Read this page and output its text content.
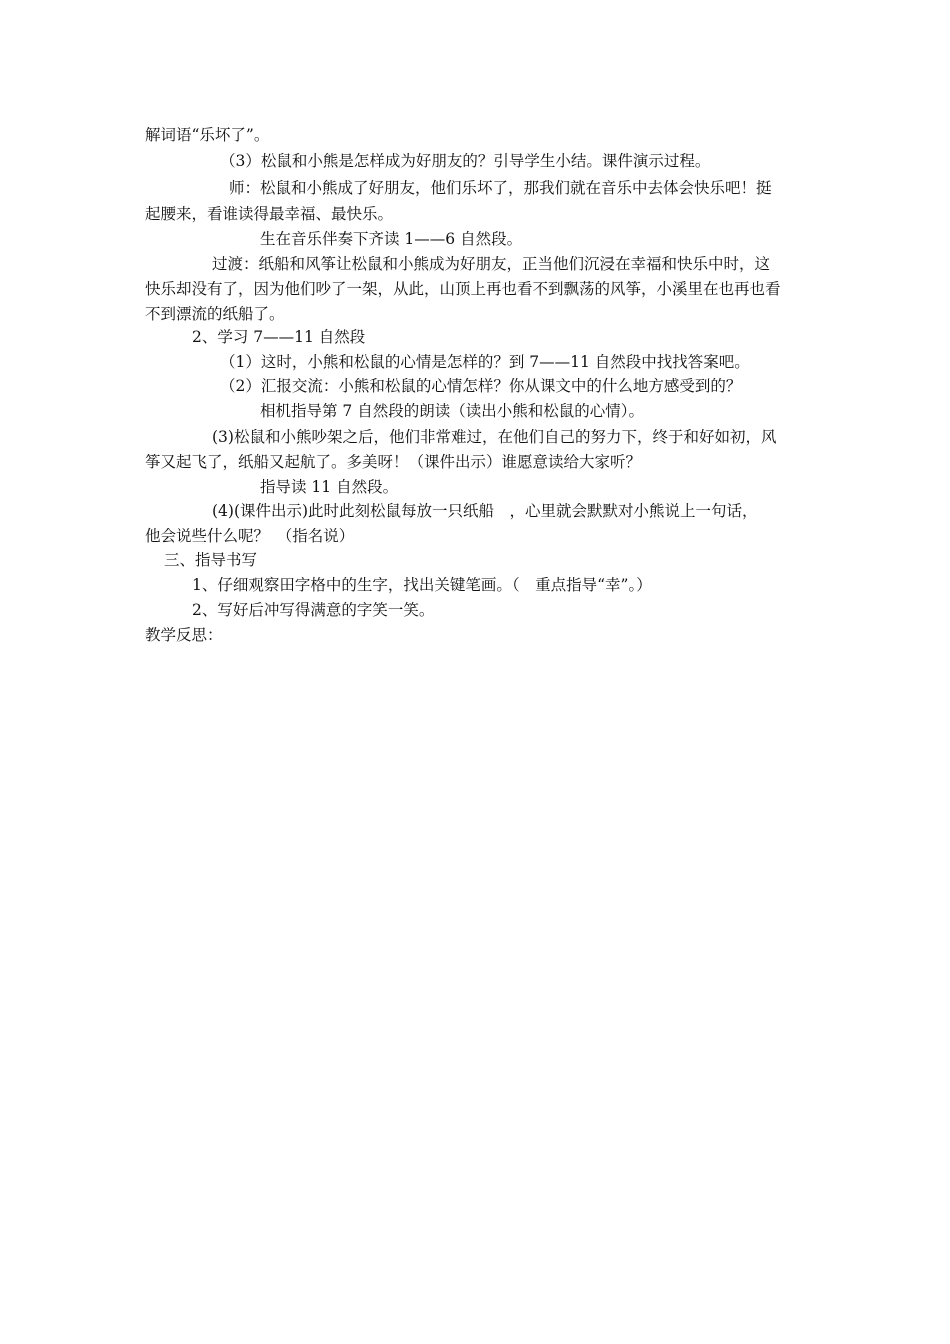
解词语“乐坏了”。
（3）松鼠和小熊是怎样成为好朋友的？引导学生小结。课件演示过程。
师：松鼠和小熊成了好朋友，他们乐坏了，那我们就在音乐中去体会快乐吧！挺
起腰来，看谁读得最幸福、最快乐。
生在音乐伴奏下齐读 1——6 自然段。
过渡：纸船和风筝让松鼠和小熊成为好朋友，正当他们沉浸在幸福和快乐中时，这
快乐却没有了，因为他们吵了一架，从此，山顶上再也看不到飘荡的风筝，小溪里在也再也看
不到漂流的纸船了。
2、学习 7——11 自然段
（1）这时，小熊和松鼠的心情是怎样的？到 7——11 自然段中找找答案吧。
（2）汇报交流：小熊和松鼠的心情怎样？你从课文中的什么地方感受到的？
相机指导第 7 自然段的朗读（读出小熊和松鼠的心情）。
(3)松鼠和小熊吵架之后，他们非常难过，在他们自己的努力下，终于和好如初，风
筝又起飞了，纸船又起航了。多美呀！（课件出示）谁愿意读给大家听？
指导读 11 自然段。
(4)(课件出示)此时此刻松鼠每放一只纸船　，心里就会默默对小熊说上一句话，
他会说些什么呢？　（指名说）
三、指导书写
1、仔细观察田字格中的生字，找出关键笔画。（　重点指导“幸”。）
2、写好后冲写得满意的字笑一笑。
教学反思：
